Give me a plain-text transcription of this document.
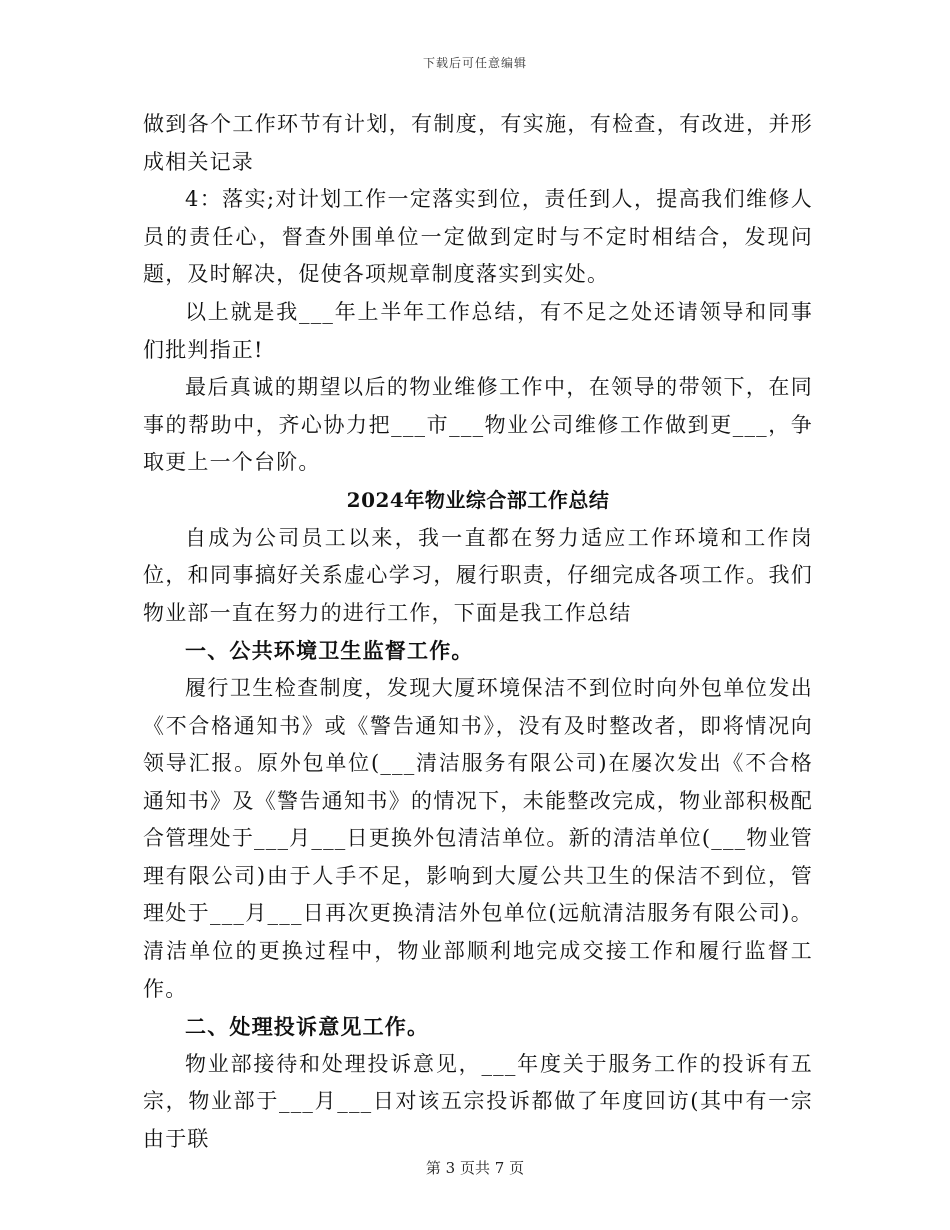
下载后可任意编辑

做到各个工作环节有计划，有制度，有实施，有检查，有改进，并形成相关记录

4：落实;对计划工作一定落实到位，责任到人，提高我们维修人员的责任心，督查外围单位一定做到定时与不定时相结合，发现问题，及时解决，促使各项规章制度落实到实处。

以上就是我___年上半年工作总结，有不足之处还请领导和同事们批判指正!

最后真诚的期望以后的物业维修工作中，在领导的带领下，在同事的帮助中，齐心协力把___市___物业公司维修工作做到更___，争取更上一个台阶。

2024年物业综合部工作总结

自成为公司员工以来，我一直都在努力适应工作环境和工作岗位，和同事搞好关系虚心学习，履行职责，仔细完成各项工作。我们物业部一直在努力的进行工作，下面是我工作总结

一、公共环境卫生监督工作。

履行卫生检查制度，发现大厦环境保洁不到位时向外包单位发出《不合格通知书》或《警告通知书》，没有及时整改者，即将情况向领导汇报。原外包单位(___清洁服务有限公司)在屡次发出《不合格通知书》及《警告通知书》的情况下，未能整改完成，物业部积极配合管理处于___月___日更换外包清洁单位。新的清洁单位(___物业管理有限公司)由于人手不足，影响到大厦公共卫生的保洁不到位，管理处于___月___日再次更换清洁外包单位(远航清洁服务有限公司)。清洁单位的更换过程中，物业部顺利地完成交接工作和履行监督工作。

二、处理投诉意见工作。

物业部接待和处理投诉意见，___年度关于服务工作的投诉有五宗，物业部于___月___日对该五宗投诉都做了年度回访(其中有一宗由于联

第 3 页共 7 页
